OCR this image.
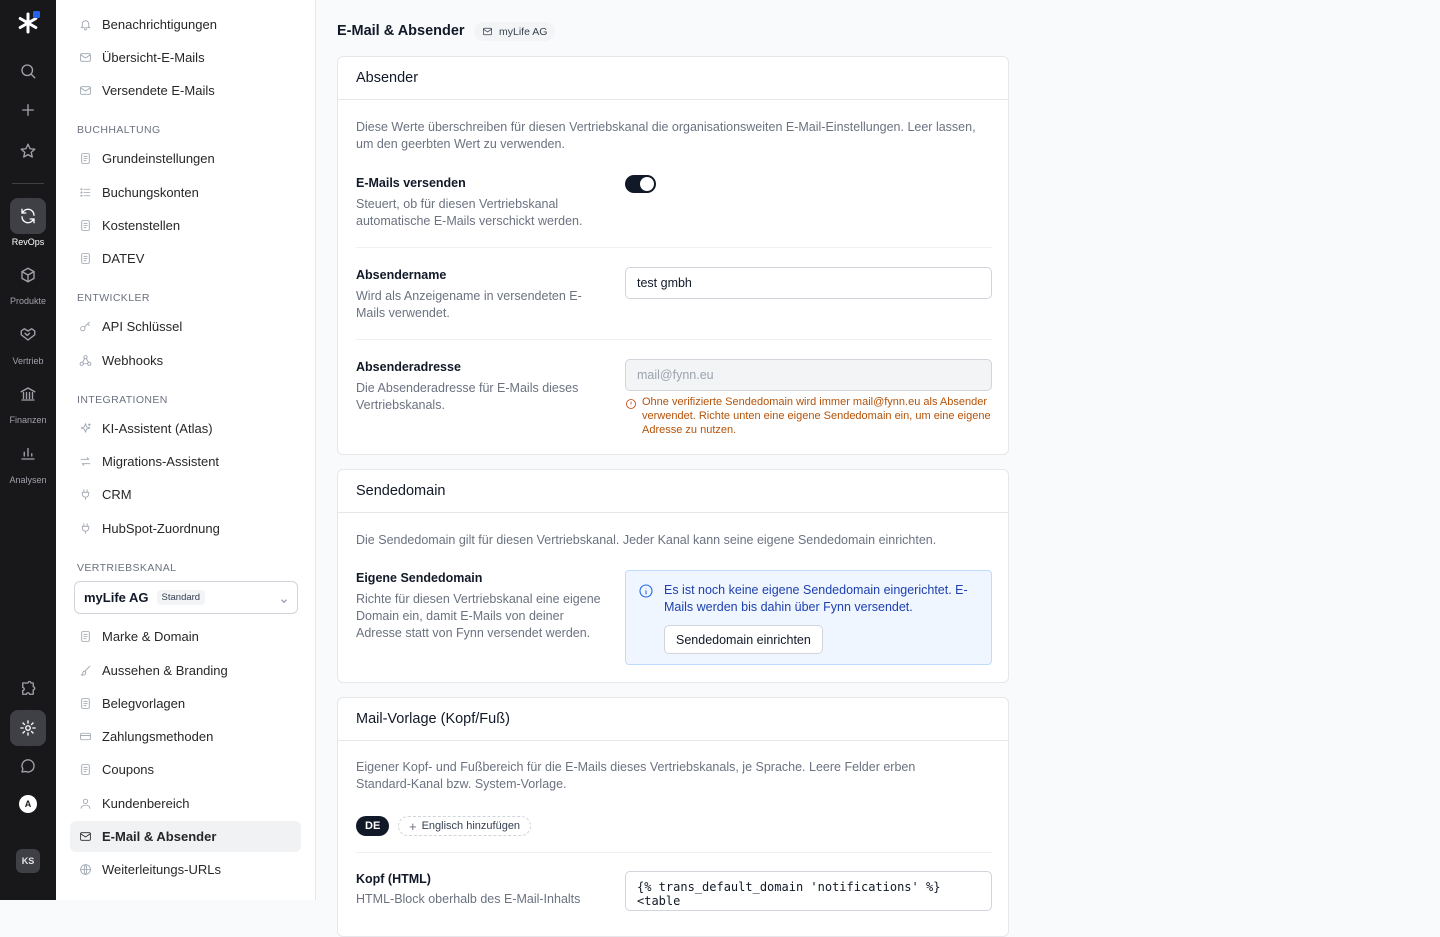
RevOps
Produkte
Vertrieb
Finanzen
Analysen
A
KS
Benachrichtigungen
Übersicht-E-Mails
Versendete E-Mails
BUCHHALTUNG
Grundeinstellungen
Buchungskonten
Kostenstellen
DATEV
ENTWICKLER
API Schlüssel
Webhooks
INTEGRATIONEN
KI-Assistent (Atlas)
Migrations-Assistent
CRM
HubSpot-Zuordnung
VERTRIEBSKANAL
myLife AG	Standard
Marke & Domain
Aussehen & Branding
Belegvorlagen
Zahlungsmethoden
Coupons
Kundenbereich
E-Mail & Absender
Weiterleitungs-URLs
E-Mail & Absender	myLife AG
Absender
Diese Werte überschreiben für diesen Vertriebskanal die organisationsweiten E-Mail-Einstellungen. Leer lassen, um den geerbten Wert zu verwenden.
E-Mails versenden
Steuert, ob für diesen Vertriebskanal automatische E-Mails verschickt werden.
Absendername
Wird als Anzeigename in versendeten E-Mails verwendet.
test gmbh
Absenderadresse
Die Absenderadresse für E-Mails dieses Vertriebskanals.
mail@fynn.eu
Ohne verifizierte Sendedomain wird immer mail@fynn.eu als Absender verwendet. Richte unten eine eigene Sendedomain ein, um eine eigene Adresse zu nutzen.
Sendedomain
Die Sendedomain gilt für diesen Vertriebskanal. Jeder Kanal kann seine eigene Sendedomain einrichten.
Eigene Sendedomain
Richte für diesen Vertriebskanal eine eigene Domain ein, damit E-Mails von deiner Adresse statt von Fynn versendet werden.
Es ist noch keine eigene Sendedomain eingerichtet. E-Mails werden bis dahin über Fynn versendet.
Sendedomain einrichten
Mail-Vorlage (Kopf/Fuß)
Eigener Kopf- und Fußbereich für die E-Mails dieses Vertriebskanals, je Sprache. Leere Felder erben Standard-Kanal bzw. System-Vorlage.
DE	+ Englisch hinzufügen
Kopf (HTML)
HTML-Block oberhalb des E-Mail-Inhalts
{% trans_default_domain 'notifications' %}
<table
